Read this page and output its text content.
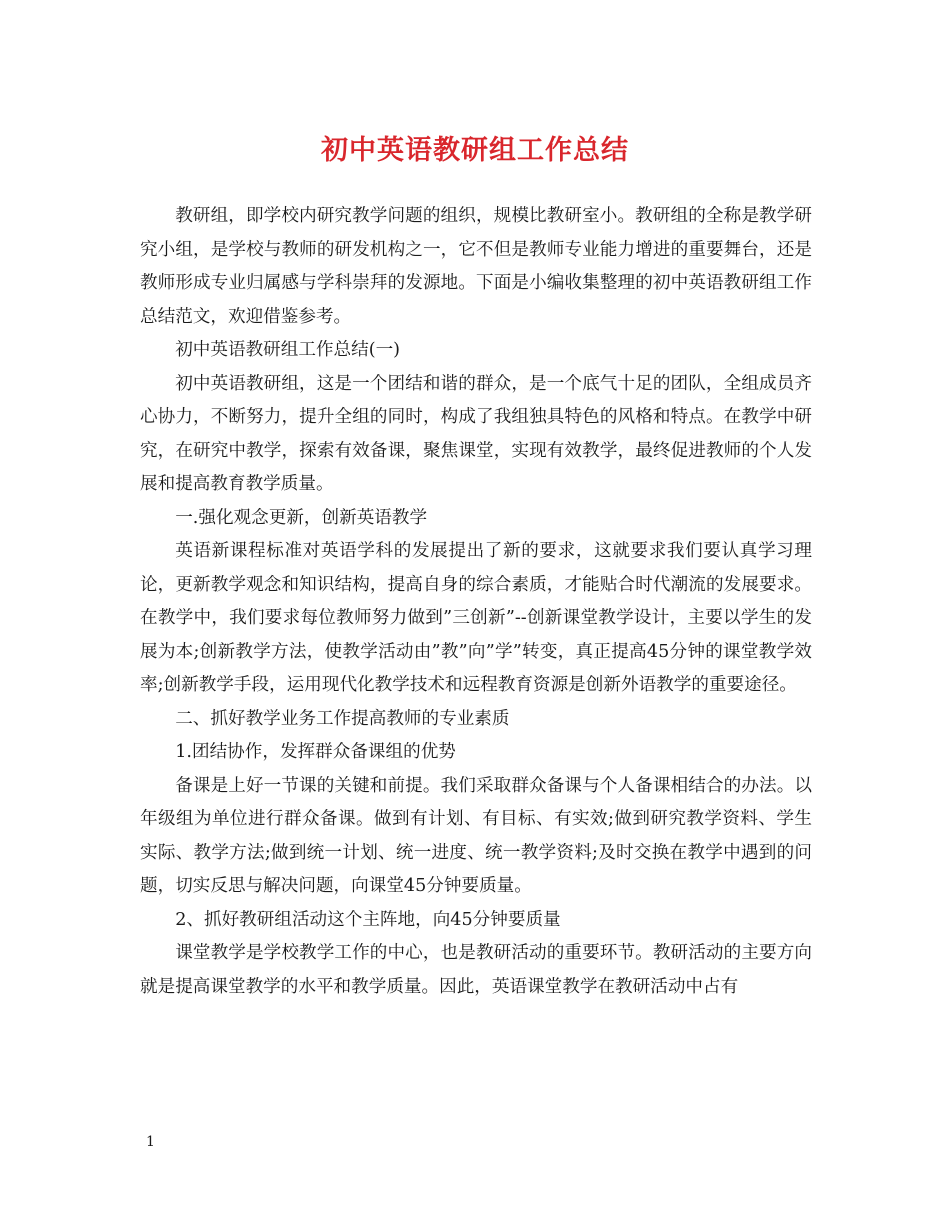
初中英语教研组工作总结

教研组，即学校内研究教学问题的组织，规模比教研室小。教研组的全称是教学研究小组，是学校与教师的研发机构之一，它不但是教师专业能力增进的重要舞台，还是教师形成专业归属感与学科崇拜的发源地。下面是小编收集整理的初中英语教研组工作总结范文，欢迎借鉴参考。

初中英语教研组工作总结(一)

初中英语教研组，这是一个团结和谐的群众，是一个底气十足的团队，全组成员齐心协力，不断努力，提升全组的同时，构成了我组独具特色的风格和特点。在教学中研究，在研究中教学，探索有效备课，聚焦课堂，实现有效教学，最终促进教师的个人发展和提高教育教学质量。

一.强化观念更新，创新英语教学

英语新课程标准对英语学科的发展提出了新的要求，这就要求我们要认真学习理论，更新教学观念和知识结构，提高自身的综合素质，才能贴合时代潮流的发展要求。在教学中，我们要求每位教师努力做到”三创新”--创新课堂教学设计，主要以学生的发展为本;创新教学方法，使教学活动由”教”向”学”转变，真正提高45分钟的课堂教学效率;创新教学手段，运用现代化教学技术和远程教育资源是创新外语教学的重要途径。

二、抓好教学业务工作提高教师的专业素质

1.团结协作，发挥群众备课组的优势

备课是上好一节课的关键和前提。我们采取群众备课与个人备课相结合的办法。以年级组为单位进行群众备课。做到有计划、有目标、有实效;做到研究教学资料、学生实际、教学方法;做到统一计划、统一进度、统一教学资料;及时交换在教学中遇到的问题，切实反思与解决问题，向课堂45分钟要质量。

2、抓好教研组活动这个主阵地，向45分钟要质量

课堂教学是学校教学工作的中心，也是教研活动的重要环节。教研活动的主要方向就是提高课堂教学的水平和教学质量。因此，英语课堂教学在教研活动中占有

1
